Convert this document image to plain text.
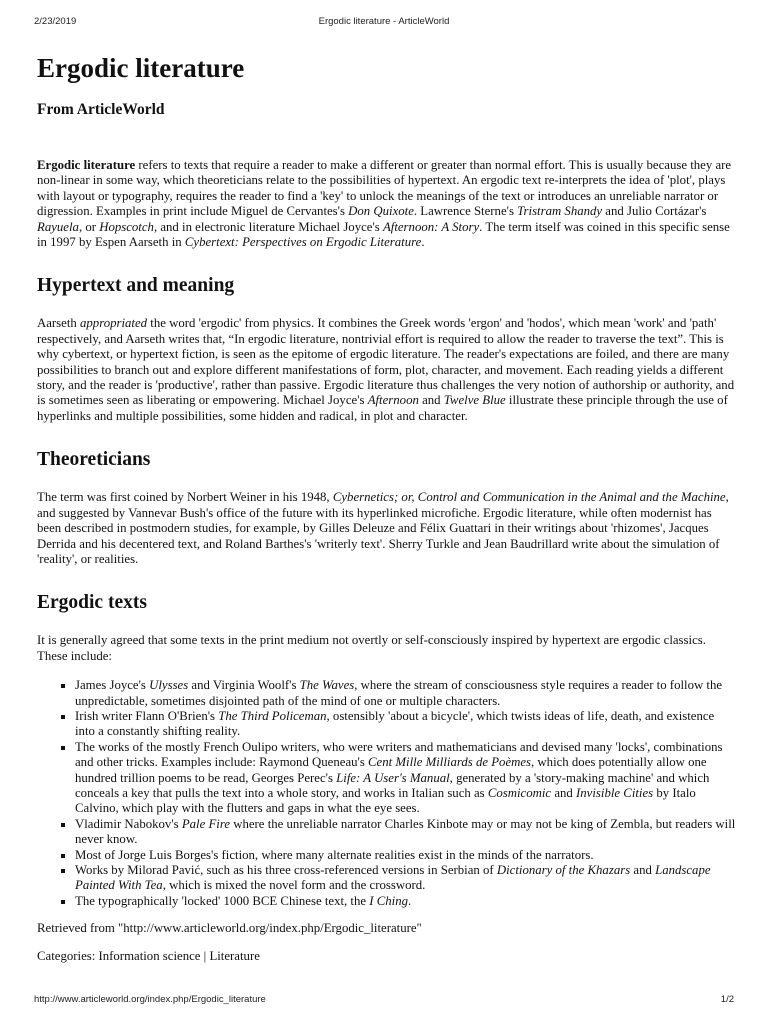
2/23/2019	Ergodic literature - ArticleWorld
Ergodic literature
From ArticleWorld

Ergodic literature refers to texts that require a reader to make a different or greater than normal effort. This is usually because they are non-linear in some way, which theoreticians relate to the possibilities of hypertext. An ergodic text re-interprets the idea of 'plot', plays with layout or typography, requires the reader to find a 'key' to unlock the meanings of the text or introduces an unreliable narrator or digression. Examples in print include Miguel de Cervantes's Don Quixote. Lawrence Sterne's Tristram Shandy and Julio Cortázar's Rayuela, or Hopscotch, and in electronic literature Michael Joyce's Afternoon: A Story. The term itself was coined in this specific sense in 1997 by Espen Aarseth in Cybertext: Perspectives on Ergodic Literature.

Hypertext and meaning

Aarseth appropriated the word 'ergodic' from physics. It combines the Greek words 'ergon' and 'hodos', which mean 'work' and 'path' respectively, and Aarseth writes that, “In ergodic literature, nontrivial effort is required to allow the reader to traverse the text”. This is why cybertext, or hypertext fiction, is seen as the epitome of ergodic literature. The reader's expectations are foiled, and there are many possibilities to branch out and explore different manifestations of form, plot, character, and movement. Each reading yields a different story, and the reader is 'productive', rather than passive. Ergodic literature thus challenges the very notion of authorship or authority, and is sometimes seen as liberating or empowering. Michael Joyce's Afternoon and Twelve Blue illustrate these principle through the use of hyperlinks and multiple possibilities, some hidden and radical, in plot and character.

Theoreticians

The term was first coined by Norbert Weiner in his 1948, Cybernetics; or, Control and Communication in the Animal and the Machine, and suggested by Vannevar Bush's office of the future with its hyperlinked microfiche. Ergodic literature, while often modernist has been described in postmodern studies, for example, by Gilles Deleuze and Félix Guattari in their writings about 'rhizomes', Jacques Derrida and his decentered text, and Roland Barthes's 'writerly text'. Sherry Turkle and Jean Baudrillard write about the simulation of 'reality', or realities.

Ergodic texts

It is generally agreed that some texts in the print medium not overtly or self-consciously inspired by hypertext are ergodic classics. These include:

James Joyce's Ulysses and Virginia Woolf's The Waves, where the stream of consciousness style requires a reader to follow the unpredictable, sometimes disjointed path of the mind of one or multiple characters.
Irish writer Flann O'Brien's The Third Policeman, ostensibly 'about a bicycle', which twists ideas of life, death, and existence into a constantly shifting reality.
The works of the mostly French Oulipo writers, who were writers and mathematicians and devised many 'locks', combinations and other tricks. Examples include: Raymond Queneau's Cent Mille Milliards de Poèmes, which does potentially allow one hundred trillion poems to be read, Georges Perec's Life: A User's Manual, generated by a 'story-making machine' and which conceals a key that pulls the text into a whole story, and works in Italian such as Cosmicomic and Invisible Cities by Italo Calvino, which play with the flutters and gaps in what the eye sees.
Vladimir Nabokov's Pale Fire where the unreliable narrator Charles Kinbote may or may not be king of Zembla, but readers will never know.
Most of Jorge Luis Borges's fiction, where many alternate realities exist in the minds of the narrators.
Works by Milorad Pavić, such as his three cross-referenced versions in Serbian of Dictionary of the Khazars and Landscape Painted With Tea, which is mixed the novel form and the crossword.
The typographically 'locked' 1000 BCE Chinese text, the I Ching.

Retrieved from "http://www.articleworld.org/index.php/Ergodic_literature"

Categories: Information science | Literature

http://www.articleworld.org/index.php/Ergodic_literature	1/2
